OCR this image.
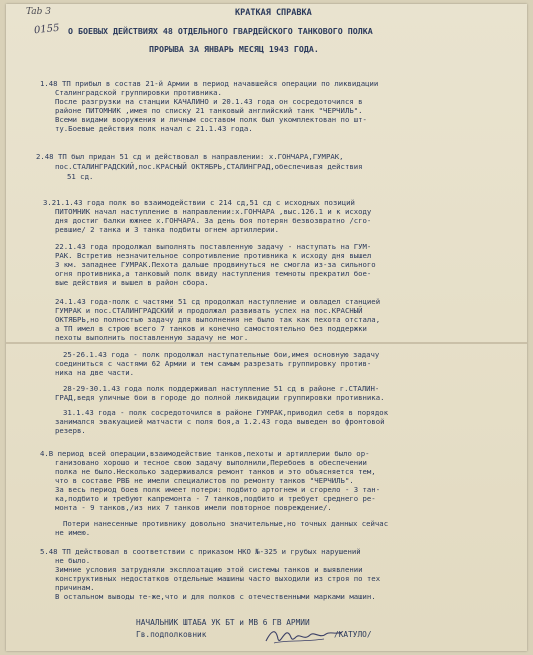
Tab 3
0155
КРАТКАЯ СПРАВКА
О БОЕВЫХ ДЕЙСТВИЯХ 48 ОТДЕЛЬНОГО ГВАРДЕЙСКОГО ТАНКОВОГО ПОЛКА
ПРОРЫВА ЗА ЯНВАРЬ МЕСЯЦ 1943 ГОДА.
1.48 ТП прибыл в состав 21-й Армии в период начавшейся операции по ликвидации
Сталинградской группировки противника.
После разгрузки на станции КАЧАЛИНО и 20.1.43 года он сосредоточился в
районе ПИТОМНИК ,имея по списку 21 танковый английский танк "ЧЕРЧИЛЬ".
Всеми видами вооружения и личным составом полк был укомплектован по шт-
ту.Боевые действия полк начал с 21.1.43 года.
2.48 ТП был придан 51 сд и действовал в направлении: х.ГОНЧАРА,ГУМРАК,
пос.СТАЛИНГРАДСКИЙ,пос.КРАСНЫЙ ОКТЯБРЬ,СТАЛИНГРАД,обеспечивая действия
51 сд.
3.21.1.43 года полк во взаимодействии с 214 сд,51 сд с исходных позиций
ПИТОМНИК начал наступление в направлении:х.ГОНЧАРА ,выс.126.1 и к исходу
дня достиг балки южнее х.ГОНЧАРА. За день боя потерян безвозвратно /сго-
ревшие/ 2 танка и 3 танка подбиты огнем артиллерии.
22.1.43 года продолжал выполнять поставленную задачу - наступать на ГУМ-
РАК. Встретив незначительное сопротивление противника к исходу дня вышел
3 км. западнее ГУМРАК.Пехота дальше продвинуться не смогла из-за сильного
огня противника,а танковый полк ввиду наступления темноты прекратил бое-
вые действия и вышел в район сбора.
24.1.43 года-полк с частями 51 сд продолжал наступление и овладел станцией
ГУМРАК и пос.СТАЛИНГРАДСКИЙ и продолжал развивать успех на пос.КРАСНЫЙ
ОКТЯБРЬ,но полностью задачу для выполнения не было так как пехота отстала,
а ТП имел в строю всего 7 танков и конечно самостоятельно без поддержки
пехоты выполнить поставленную задачу не мог.
25-26.1.43 года - полк продолжал наступательные бои,имея основную задачу
соединиться с частями 62 Армии и тем самым разрезать группировку против-
ника на две части.
28-29-30.1.43 года полк поддерживал наступление 51 сд в районе г.СТАЛИН-
ГРАД,ведя уличные бои в городе до полной ликвидации группировки противника.
31.1.43 года - полк сосредоточился в районе ГУМРАК,приводил себя в порядок
занимался эвакуацией матчасти с поля боя,а 1.2.43 года выведен во фронтовой
резерв.
4.В период всей операции,взаимодействие танков,пехоты и артиллерии было ор-
ганизовано хорошо и тесное свою задачу выполнили,Перебоев в обеспечении
полка не было.Несколько задерживался ремонт танков и это объясняется тем,
что в составе РВБ не имели специалистов по ремонту танков "ЧЕРЧИЛЬ".
За весь период боев полк имеет потери: подбито артогнем и сгорело - 3 тан-
ка,подбито и требуют капремонта - 7 танков,подбито и требует среднего ре-
монта - 9 танков,/из них 7 танков имели повторное повреждение/.
Потери нанесенные противнику довольно значительные,но точных данных сейчас
не имею.
5.48 ТП действовал в соответствии с приказом НКО №-325 и грубых нарушений
не было.
Зимние условия затрудняли эксплоатацию этой системы танков и выявлении
конструктивных недостатков отдельные машины часто выходили из строя по тех
причинам.
В остальном выводы те-же,что и для полков с отечественными марками машин.
НАЧАЛЬНИК ШТАБА УК БТ и МВ 6 ГВ АРМИИ
Гв.подполковник	/КАТУЛО/
